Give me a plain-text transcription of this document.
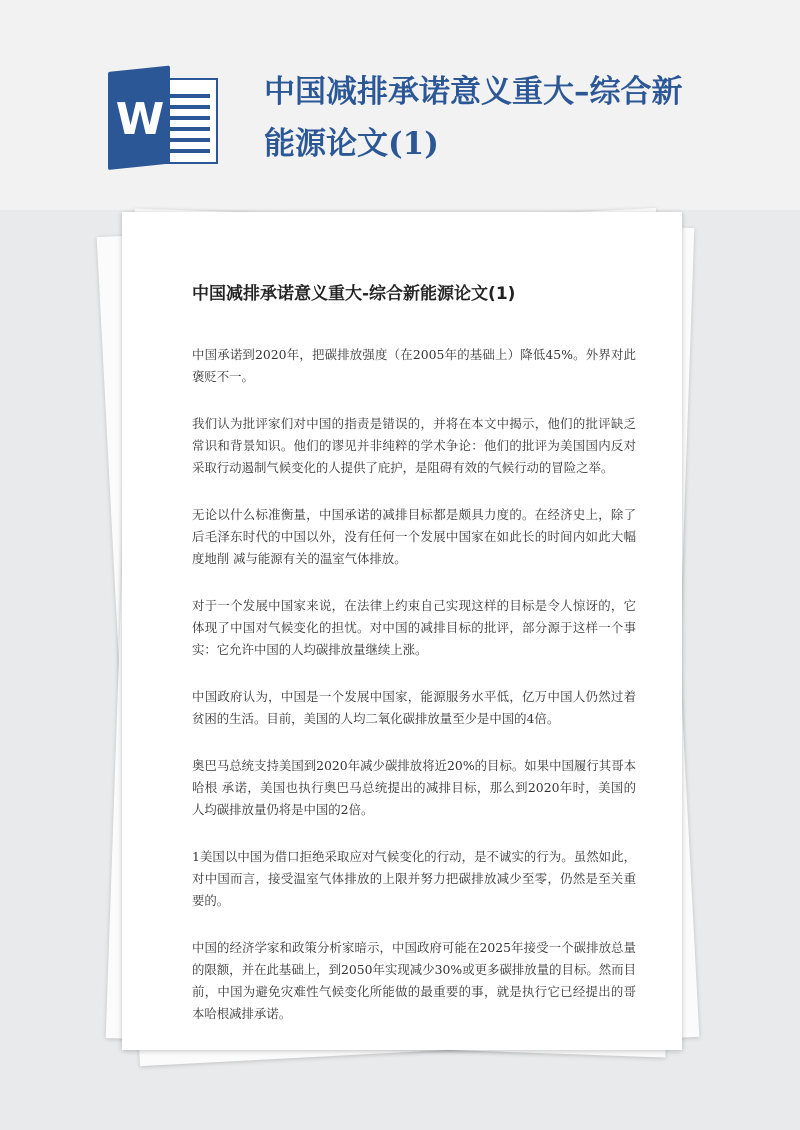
W
中国减排承诺意义重大–综合新能源论文(1)
中国减排承诺意义重大-综合新能源论文(1)

中国承诺到2020年，把碳排放强度（在2005年的基础上）降低45%。外界对此褒贬不一。

我们认为批评家们对中国的指责是错误的，并将在本文中揭示，他们的批评缺乏常识和背景知识。他们的谬见并非纯粹的学术争论：他们的批评为美国国内反对采取行动遏制气候变化的人提供了庇护，是阻碍有效的气候行动的冒险之举。

无论以什么标准衡量，中国承诺的减排目标都是颇具力度的。在经济史上，除了后毛泽东时代的中国以外，没有任何一个发展中国家在如此长的时间内如此大幅度地削 减与能源有关的温室气体排放。

对于一个发展中国家来说，在法律上约束自己实现这样的目标是令人惊讶的，它体现了中国对气候变化的担忧。对中国的减排目标的批评，部分源于这样一个事实：它允许中国的人均碳排放量继续上涨。

中国政府认为，中国是一个发展中国家，能源服务水平低，亿万中国人仍然过着贫困的生活。目前，美国的人均二氧化碳排放量至少是中国的4倍。

奥巴马总统支持美国到2020年减少碳排放将近20%的目标。如果中国履行其哥本哈根 承诺，美国也执行奥巴马总统提出的减排目标，那么到2020年时，美国的人均碳排放量仍将是中国的2倍。

1美国以中国为借口拒绝采取应对气候变化的行动，是不诚实的行为。虽然如此，对中国而言，接受温室气体排放的上限并努力把碳排放减少至零，仍然是至关重要的。

中国的经济学家和政策分析家暗示，中国政府可能在2025年接受一个碳排放总量的限额，并在此基础上，到2050年实现减少30%或更多碳排放量的目标。然而目前，中国为避免灾难性气候变化所能做的最重要的事，就是执行它已经提出的哥本哈根减排承诺。
